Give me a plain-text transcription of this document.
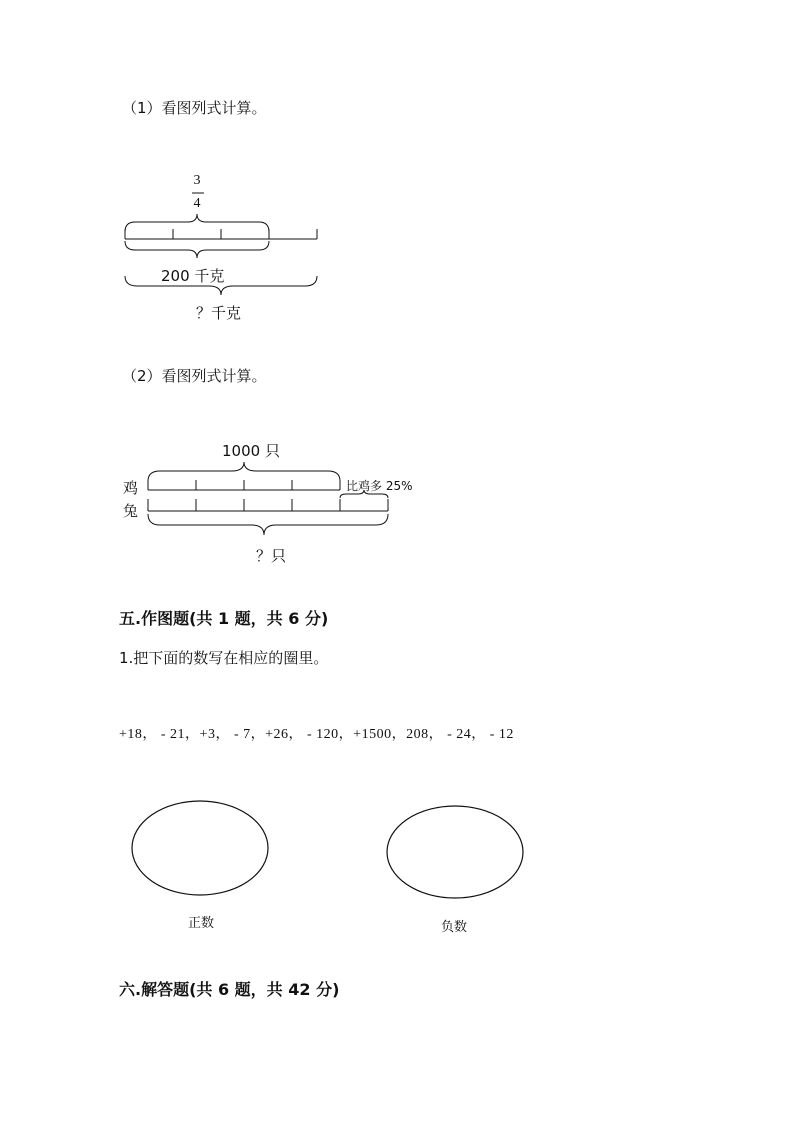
（1）看图列式计算。
3
4
200 千克
？千克
（2）看图列式计算。
1000 只
鸡
兔
比鸡多 25%
？只
五.作图题(共 1 题，共 6 分)
1.把下面的数写在相应的圈里。
+18， - 21，+3， - 7，+26， - 120，+1500，208， - 24， - 12
正数	负数
六.解答题(共 6 题，共 42 分)
